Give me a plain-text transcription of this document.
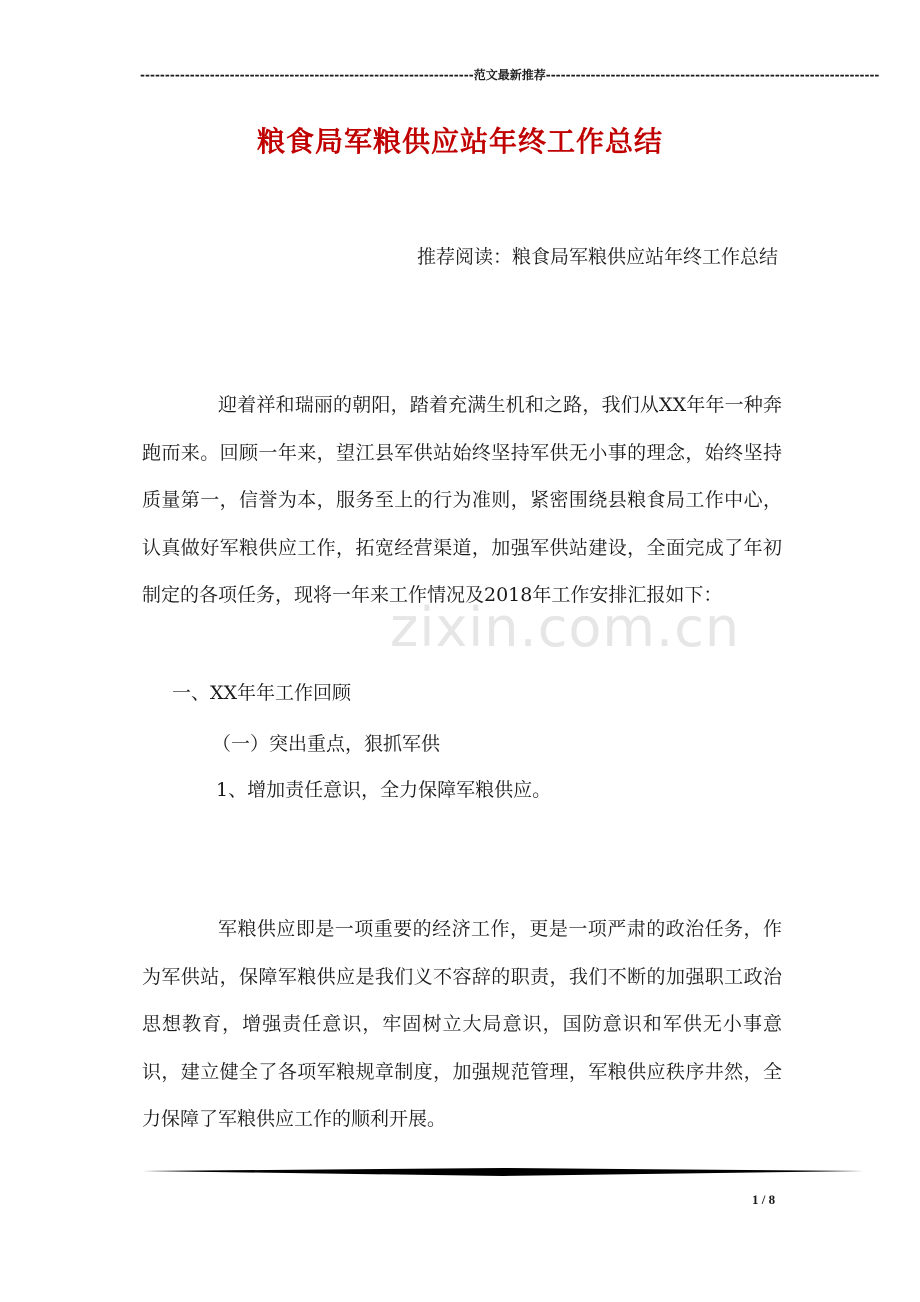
-------------------------------------------------------------------范文最新推荐-------------------------------------------------------------------
粮食局军粮供应站年终工作总结
推荐阅读：粮食局军粮供应站年终工作总结
zixin.com.cn

迎着祥和瑞丽的朝阳，踏着充满生机和之路，我们从XX年年一种奔跑而来。回顾一年来，望江县军供站始终坚持军供无小事的理念，始终坚持质量第一，信誉为本，服务至上的行为准则，紧密围绕县粮食局工作中心，认真做好军粮供应工作，拓宽经营渠道，加强军供站建设，全面完成了年初制定的各项任务，现将一年来工作情况及2018年工作安排汇报如下：

一、XX年年工作回顾
（一）突出重点，狠抓军供
1、增加责任意识，全力保障军粮供应。

军粮供应即是一项重要的经济工作，更是一项严肃的政治任务，作为军供站，保障军粮供应是我们义不容辞的职责，我们不断的加强职工政治思想教育，增强责任意识，牢固树立大局意识，国防意识和军供无小事意识，建立健全了各项军粮规章制度，加强规范管理，军粮供应秩序井然，全力保障了军粮供应工作的顺利开展。

1 / 8
